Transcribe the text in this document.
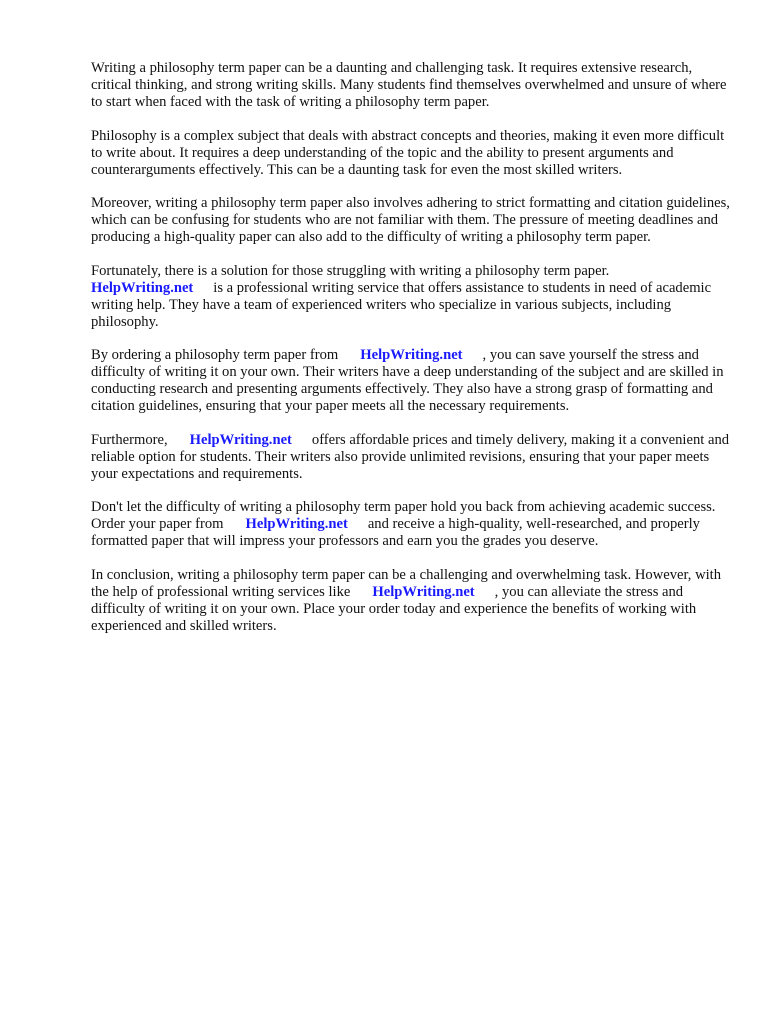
Writing a philosophy term paper can be a daunting and challenging task. It requires extensive research, critical thinking, and strong writing skills. Many students find themselves overwhelmed and unsure of where to start when faced with the task of writing a philosophy term paper.

Philosophy is a complex subject that deals with abstract concepts and theories, making it even more difficult to write about. It requires a deep understanding of the topic and the ability to present arguments and counterarguments effectively. This can be a daunting task for even the most skilled writers.

Moreover, writing a philosophy term paper also involves adhering to strict formatting and citation guidelines, which can be confusing for students who are not familiar with them. The pressure of meeting deadlines and producing a high-quality paper can also add to the difficulty of writing a philosophy term paper.

Fortunately, there is a solution for those struggling with writing a philosophy term paper.
HelpWriting.net is a professional writing service that offers assistance to students in need of academic writing help. They have a team of experienced writers who specialize in various subjects, including philosophy.

By ordering a philosophy term paper from HelpWriting.net , you can save yourself the stress and difficulty of writing it on your own. Their writers have a deep understanding of the subject and are skilled in conducting research and presenting arguments effectively. They also have a strong grasp of formatting and citation guidelines, ensuring that your paper meets all the necessary requirements.

Furthermore, HelpWriting.net offers affordable prices and timely delivery, making it a convenient and reliable option for students. Their writers also provide unlimited revisions, ensuring that your paper meets your expectations and requirements.

Don't let the difficulty of writing a philosophy term paper hold you back from achieving academic success. Order your paper from HelpWriting.net and receive a high-quality, well-researched, and properly formatted paper that will impress your professors and earn you the grades you deserve.

In conclusion, writing a philosophy term paper can be a challenging and overwhelming task. However, with the help of professional writing services like HelpWriting.net , you can alleviate the stress and difficulty of writing it on your own. Place your order today and experience the benefits of working with experienced and skilled writers.
